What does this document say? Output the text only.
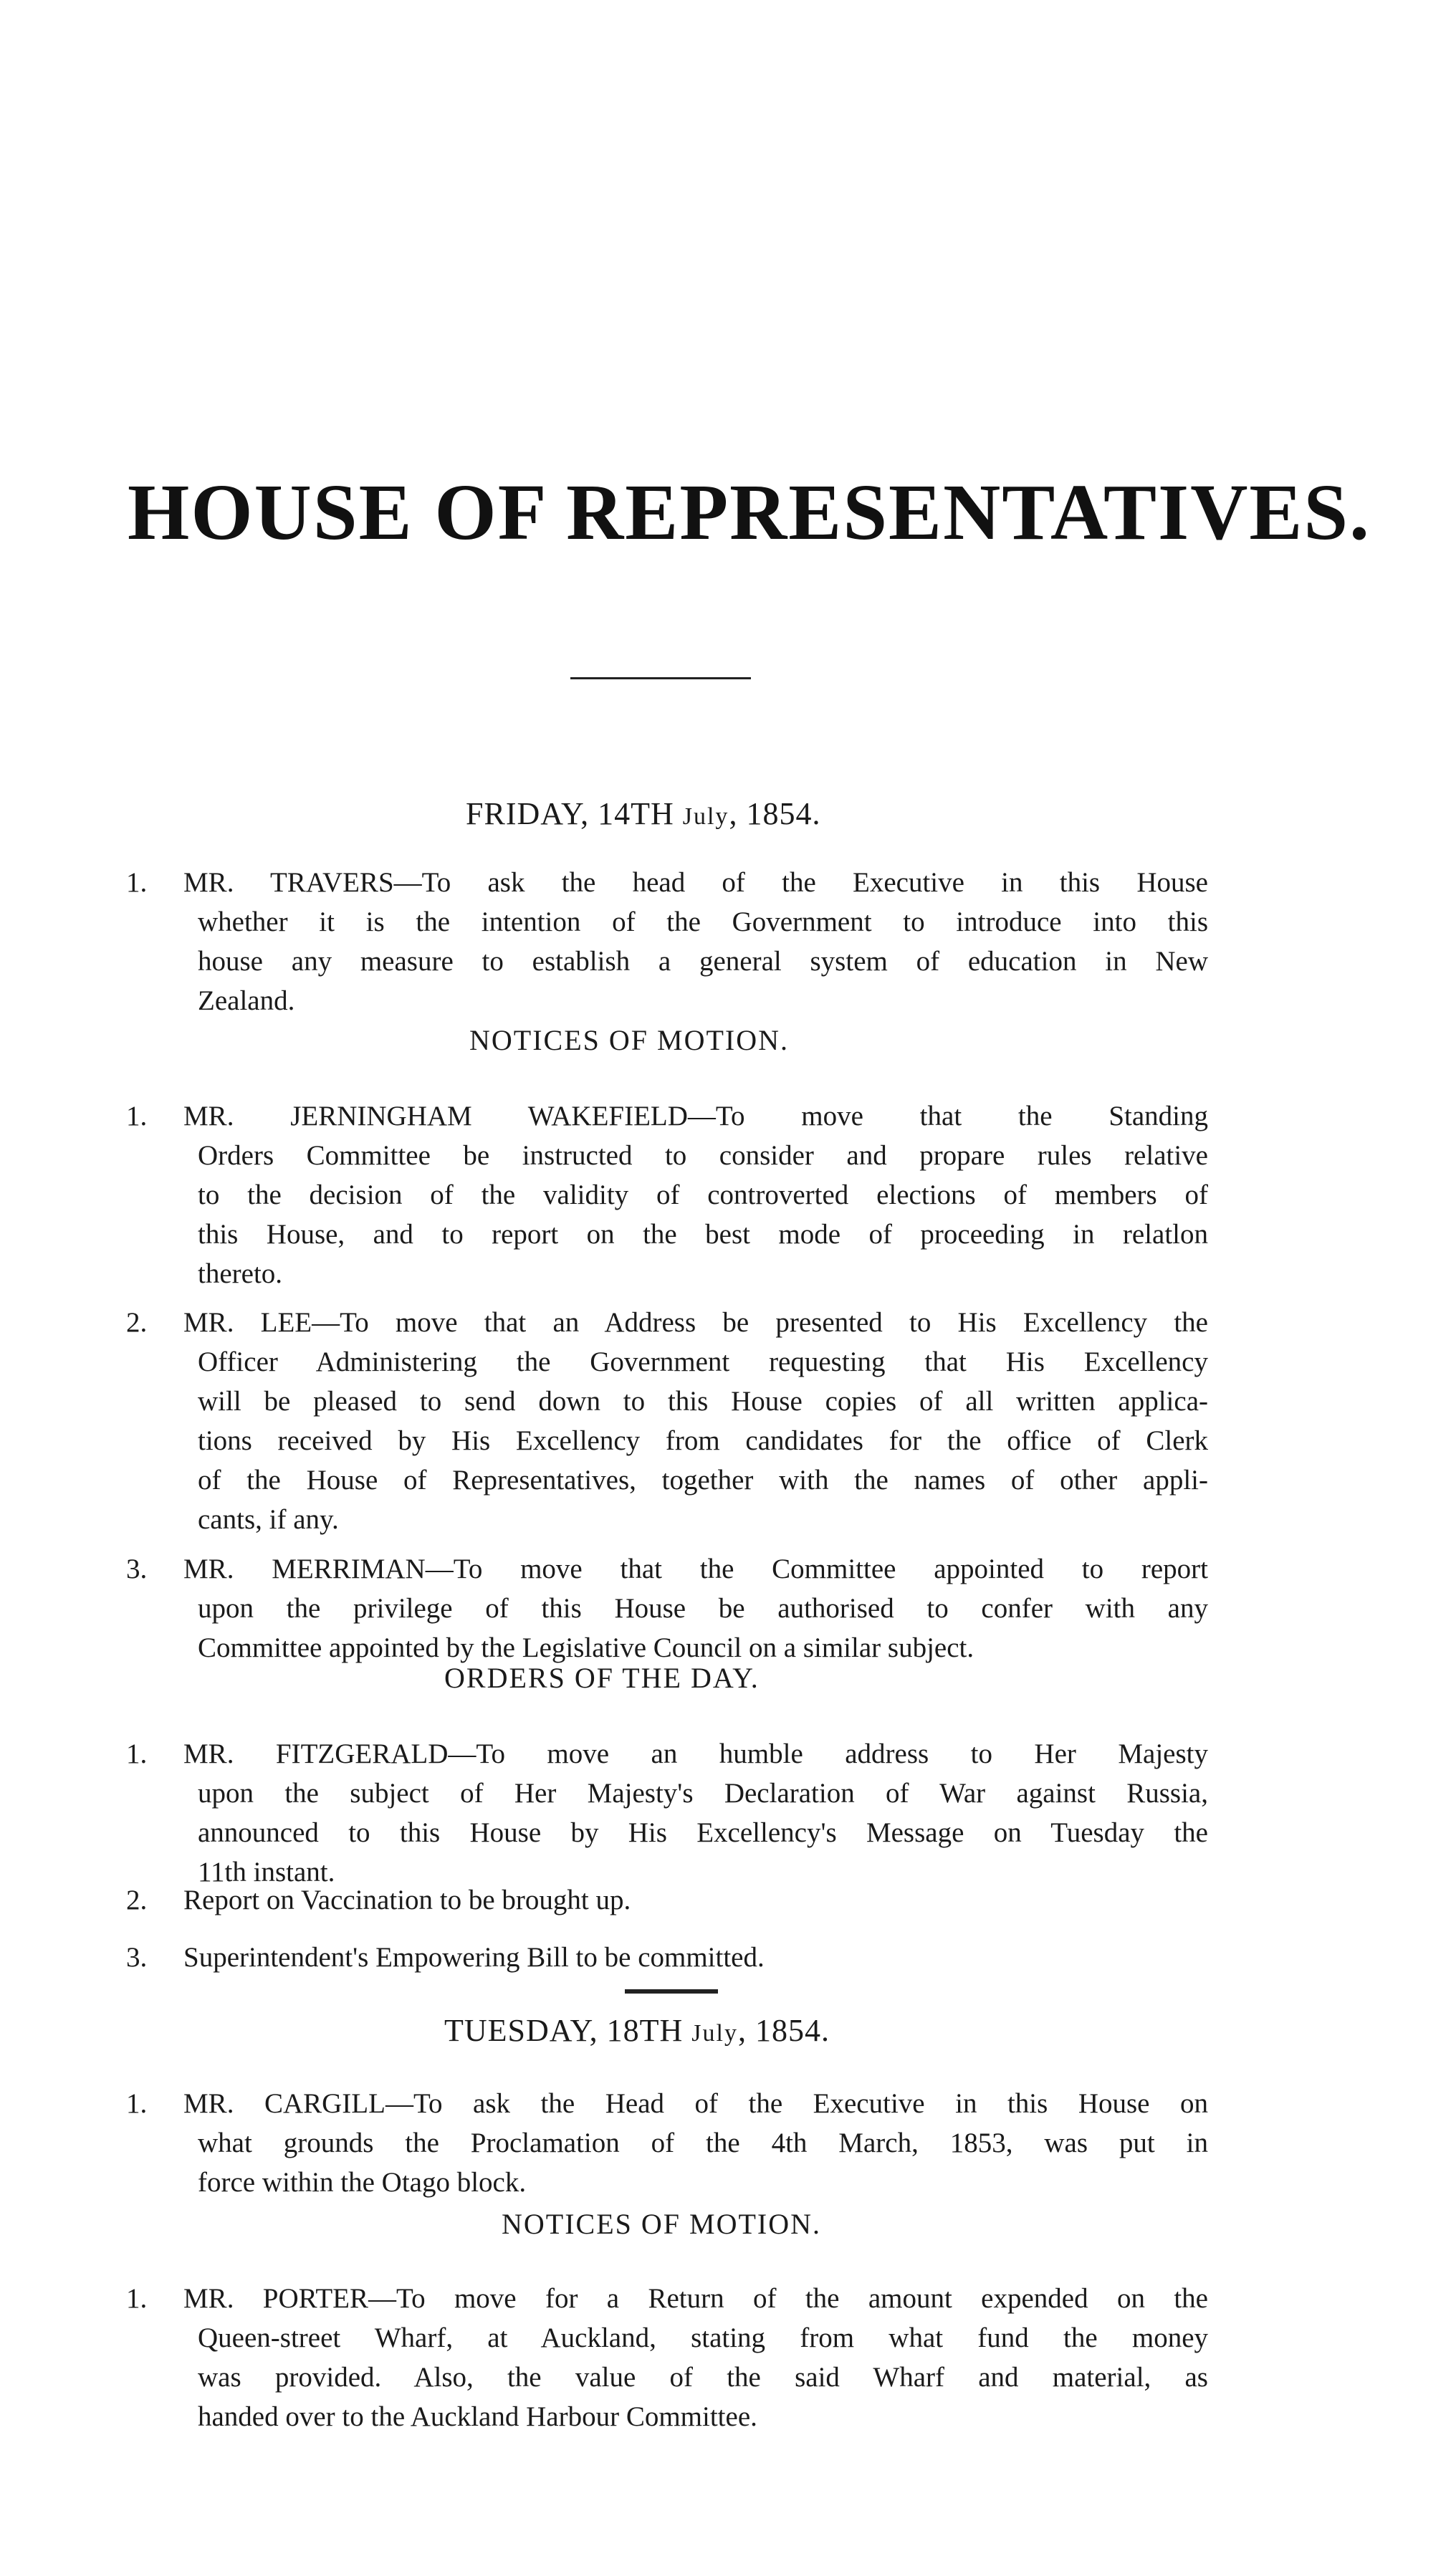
HOUSE OF REPRESENTATIVES.
FRIDAY, 14TH July, 1854.
1.	MR. TRAVERS—To ask the head of the Executive in this House
whether it is the intention of the Government to introduce into this
house any measure to establish a general system of education in New
Zealand.
NOTICES OF MOTION.
1.	MR. JERNINGHAM WAKEFIELD—To move that the Standing
Orders Committee be instructed to consider and propare rules relative
to the decision of the validity of controverted elections of members of
this House, and to report on the best mode of proceeding in relatlon
thereto.
2.	MR. LEE—To move that an Address be presented to His Excellency the
Officer Administering the Government requesting that His Excellency
will be pleased to send down to this House copies of all written applica-
tions received by His Excellency from candidates for the office of Clerk
of the House of Representatives, together with the names of other appli-
cants, if any.
3.	MR. MERRIMAN—To move that the Committee appointed to report
upon the privilege of this House be authorised to confer with any
Committee appointed by the Legislative Council on a similar subject.
ORDERS OF THE DAY.
1.	MR. FITZGERALD—To move an humble address to Her Majesty
upon the subject of Her Majesty's Declaration of War against Russia,
announced to this House by His Excellency's Message on Tuesday the
11th instant.
2.	Report on Vaccination to be brought up.
3.	Superintendent's Empowering Bill to be committed.
TUESDAY, 18TH July, 1854.
1.	MR. CARGILL—To ask the Head of the Executive in this House on
what grounds the Proclamation of the 4th March, 1853, was put in
force within the Otago block.
NOTICES OF MOTION.
1.	MR. PORTER—To move for a Return of the amount expended on the
Queen-street Wharf, at Auckland, stating from what fund the money
was provided. Also, the value of the said Wharf and material, as
handed over to the Auckland Harbour Committee.
